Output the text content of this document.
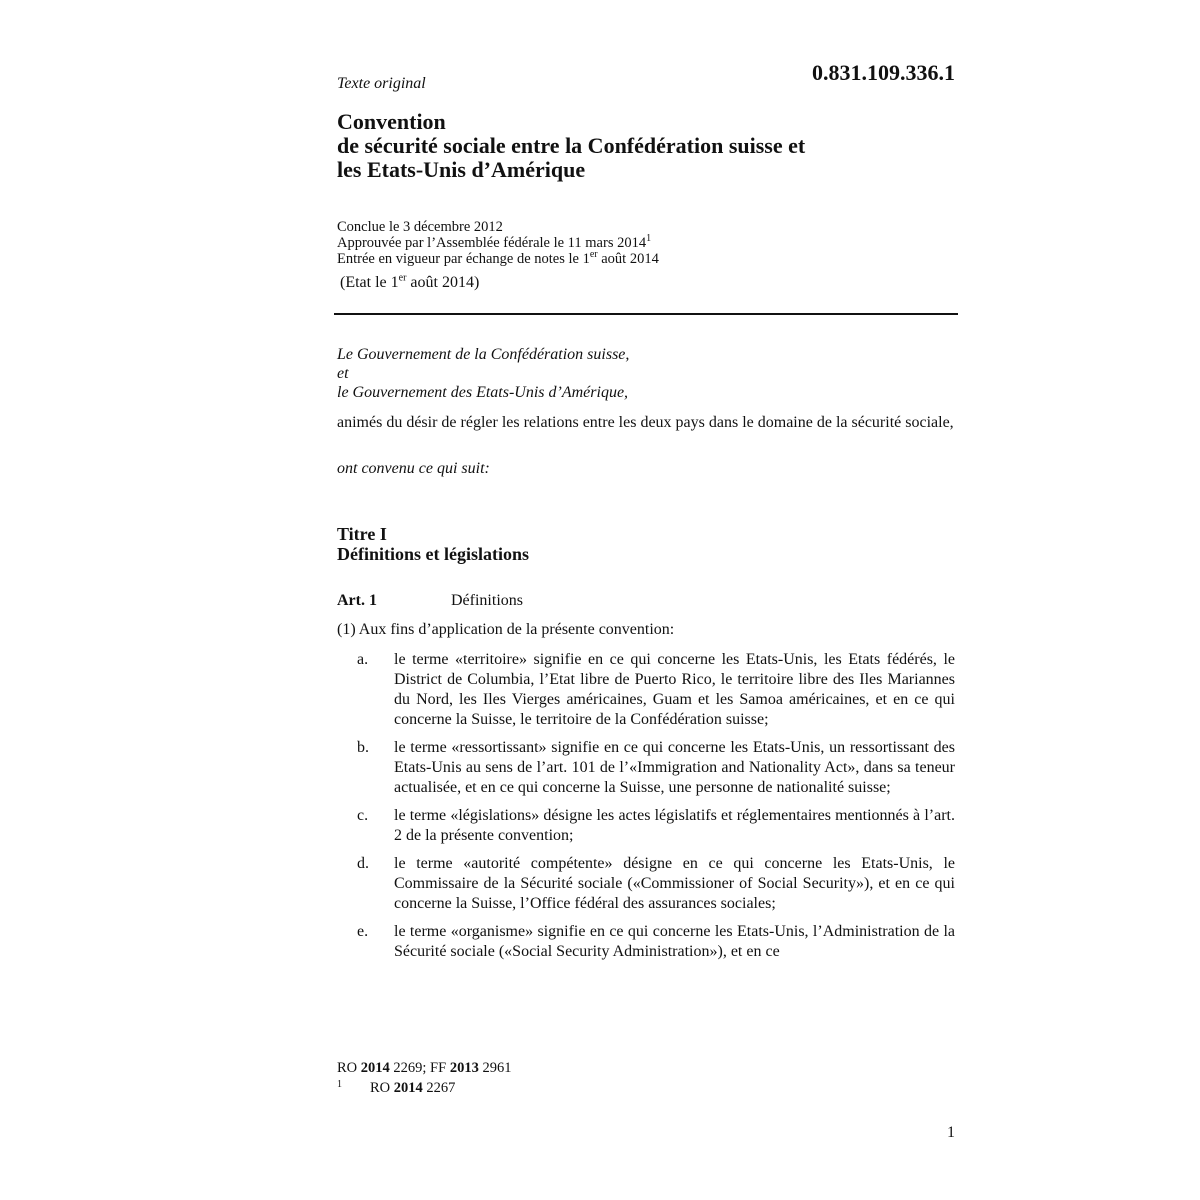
0.831.109.336.1
Texte original
Convention
de sécurité sociale entre la Confédération suisse et
les Etats-Unis d’Amérique
Conclue le 3 décembre 2012
Approuvée par l’Assemblée fédérale le 11 mars 2014$^1$
Entrée en vigueur par échange de notes le 1er août 2014
(Etat le 1er août 2014)
Le Gouvernement de la Confédération suisse,
et
le Gouvernement des Etats-Unis d’Amérique,
animés du désir de régler les relations entre les deux pays dans le domaine de la sécurité sociale,
ont convenu ce qui suit:
Titre I
Définitions et législations
Art. 1	Définitions
(1) Aux fins d’application de la présente convention:
a. le terme «territoire» signifie en ce qui concerne les Etats-Unis, les Etats fédérés, le District de Columbia, l’Etat libre de Puerto Rico, le territoire libre des Iles Mariannes du Nord, les Iles Vierges américaines, Guam et les Samoa américaines, et en ce qui concerne la Suisse, le territoire de la Confédération suisse;
b. le terme «ressortissant» signifie en ce qui concerne les Etats-Unis, un ressortissant des Etats-Unis au sens de l’art. 101 de l’«Immigration and Nationality Act», dans sa teneur actualisée, et en ce qui concerne la Suisse, une personne de nationalité suisse;
c. le terme «législations» désigne les actes législatifs et réglementaires mentionnés à l’art. 2 de la présente convention;
d. le terme «autorité compétente» désigne en ce qui concerne les Etats-Unis, le Commissaire de la Sécurité sociale («Commissioner of Social Security»), et en ce qui concerne la Suisse, l’Office fédéral des assurances sociales;
e. le terme «organisme» signifie en ce qui concerne les Etats-Unis, l’Administration de la Sécurité sociale («Social Security Administration»), et en ce
RO 2014 2269; FF 2013 2961
1 RO 2014 2267
1
